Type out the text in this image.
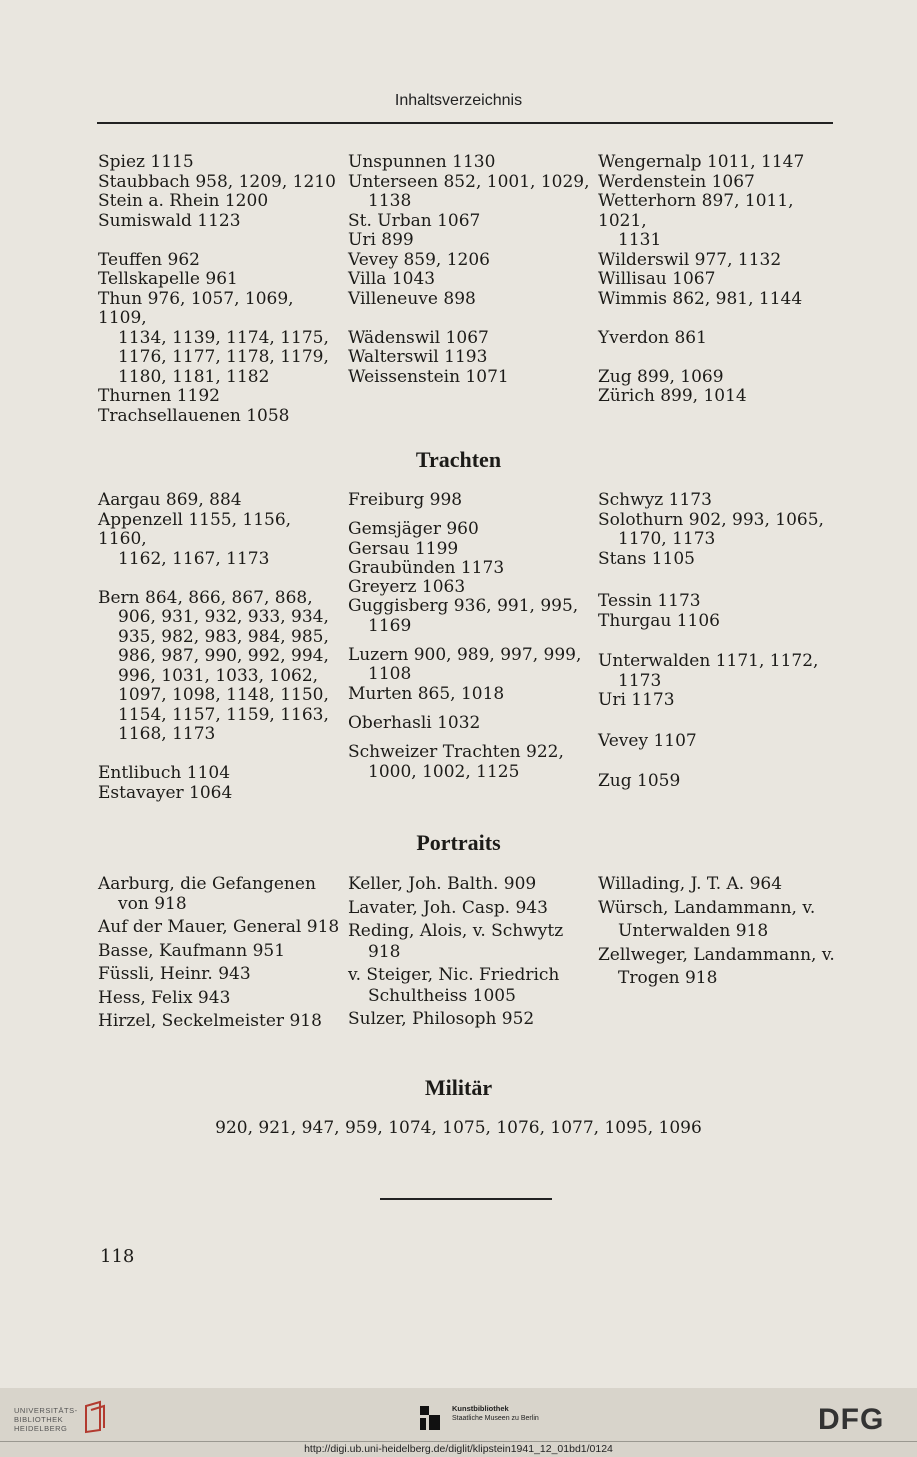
Inhaltsverzeichnis
Spiez 1115
Staubbach 958, 1209, 1210
Stein a. Rhein 1200
Sumiswald 1123
Teuffen 962
Tellskapelle 961
Thun 976, 1057, 1069, 1109,
1134, 1139, 1174, 1175,
1176, 1177, 1178, 1179,
1180, 1181, 1182
Thurnen 1192
Trachsellauenen 1058
Unspunnen 1130
Unterseen 852, 1001, 1029,
1138
St. Urban 1067
Uri 899
Vevey 859, 1206
Villa 1043
Villeneuve 898
Wädenswil 1067
Walterswil 1193
Weissenstein 1071
Wengernalp 1011, 1147
Werdenstein 1067
Wetterhorn 897, 1011, 1021,
1131
Wilderswil 977, 1132
Willisau 1067
Wimmis 862, 981, 1144
Yverdon 861
Zug 899, 1069
Zürich 899, 1014
Trachten
Aargau 869, 884
Appenzell 1155, 1156, 1160,
1162, 1167, 1173
Bern 864, 866, 867, 868,
906, 931, 932, 933, 934,
935, 982, 983, 984, 985,
986, 987, 990, 992, 994,
996, 1031, 1033, 1062,
1097, 1098, 1148, 1150,
1154, 1157, 1159, 1163,
1168, 1173
Entlibuch 1104
Estavayer 1064
Freiburg 998
Gemsjäger 960
Gersau 1199
Graubünden 1173
Greyerz 1063
Guggisberg 936, 991, 995,
1169
Luzern 900, 989, 997, 999,
1108
Murten 865, 1018
Oberhasli 1032
Schweizer Trachten 922,
1000, 1002, 1125
Schwyz 1173
Solothurn 902, 993, 1065,
1170, 1173
Stans 1105
Tessin 1173
Thurgau 1106
Unterwalden 1171, 1172,
1173
Uri 1173
Vevey 1107
Zug 1059
Portraits
Aarburg, die Gefangenen
von 918
Auf der Mauer, General 918
Basse, Kaufmann 951
Füssli, Heinr. 943
Hess, Felix 943
Hirzel, Seckelmeister 918
Keller, Joh. Balth. 909
Lavater, Joh. Casp. 943
Reding, Alois, v. Schwytz
918
v. Steiger, Nic. Friedrich
Schultheiss 1005
Sulzer, Philosoph 952
Willading, J. T. A. 964
Würsch, Landammann, v.
Unterwalden 918
Zellweger, Landammann, v.
Trogen 918
Militär
920, 921, 947, 959, 1074, 1075, 1076, 1077, 1095, 1096
118
UNIVERSITÄTS-
BIBLIOTHEK
HEIDELBERG
Kunstbibliothek
Staatliche Museen zu Berlin	DFG
http://digi.ub.uni-heidelberg.de/diglit/klipstein1941_12_01bd1/0124
